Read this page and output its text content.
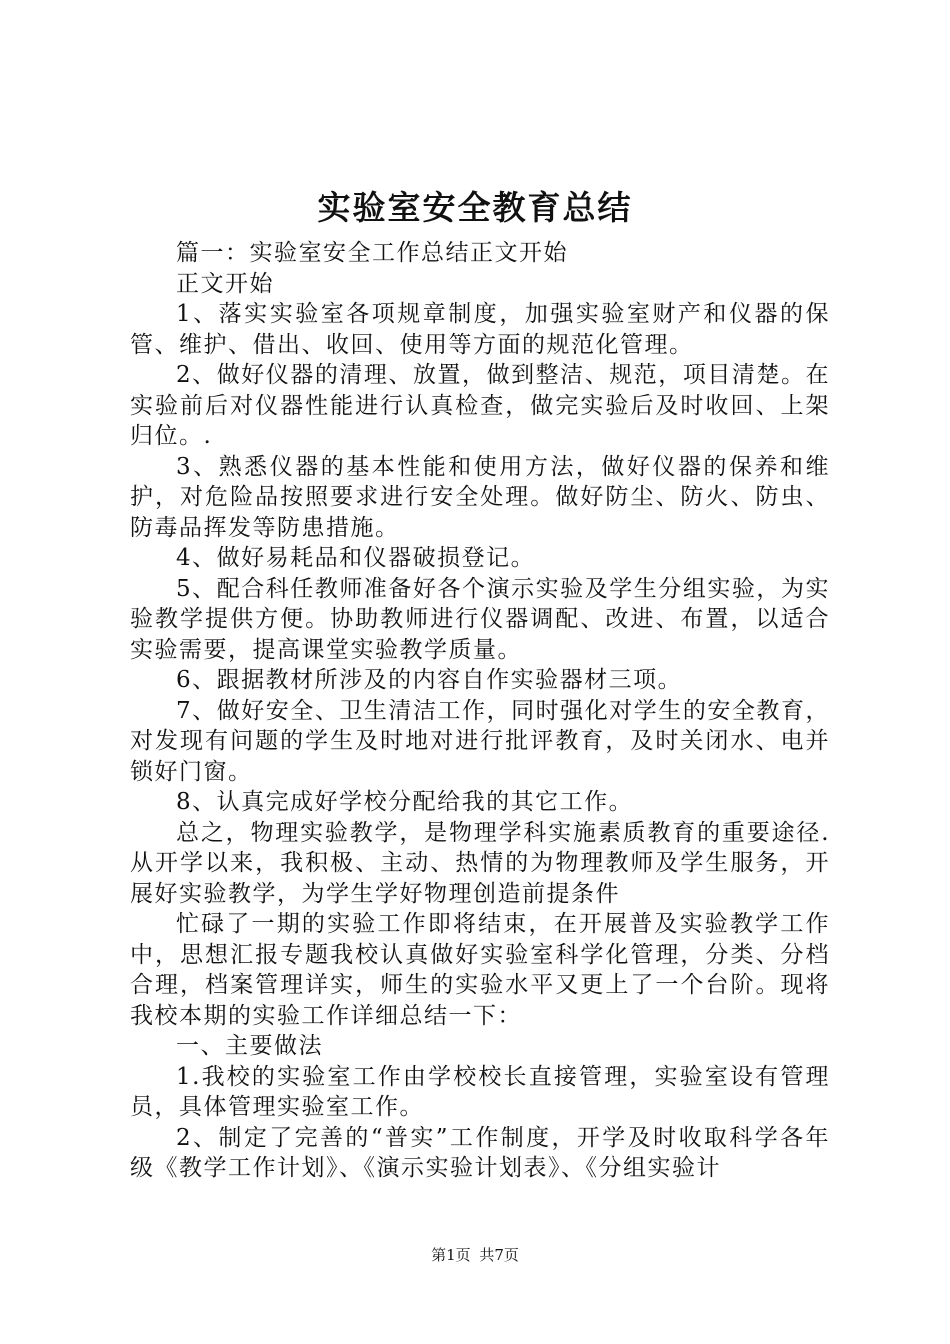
实验室安全教育总结

篇一：实验室安全工作总结正文开始

正文开始

1、落实实验室各项规章制度，加强实验室财产和仪器的保管、维护、借出、收回、使用等方面的规范化管理。

2、做好仪器的清理、放置，做到整洁、规范，项目清楚。在实验前后对仪器性能进行认真检查，做完实验后及时收回、上架归位。.

3、熟悉仪器的基本性能和使用方法，做好仪器的保养和维护，对危险品按照要求进行安全处理。做好防尘、防火、防虫、防毒品挥发等防患措施。

4、做好易耗品和仪器破损登记。

5、配合科任教师准备好各个演示实验及学生分组实验，为实验教学提供方便。协助教师进行仪器调配、改进、布置，以适合实验需要，提高课堂实验教学质量。

6、跟据教材所涉及的内容自作实验器材三项。

7、做好安全、卫生清洁工作，同时强化对学生的安全教育，对发现有问题的学生及时地对进行批评教育，及时关闭水、电并锁好门窗。

8、认真完成好学校分配给我的其它工作。

总之，物理实验教学，是物理学科实施素质教育的重要途径.从开学以来，我积极、主动、热情的为物理教师及学生服务，开展好实验教学，为学生学好物理创造前提条件

忙碌了一期的实验工作即将结束，在开展普及实验教学工作中，思想汇报专题我校认真做好实验室科学化管理，分类、分档合理，档案管理详实，师生的实验水平又更上了一个台阶。现将我校本期的实验工作详细总结一下：

一、主要做法

1.我校的实验室工作由学校校长直接管理，实验室设有管理员，具体管理实验室工作。

2、制定了完善的“普实”工作制度，开学及时收取科学各年级《教学工作计划》、《演示实验计划表》、《分组实验计

第1页 共7页
